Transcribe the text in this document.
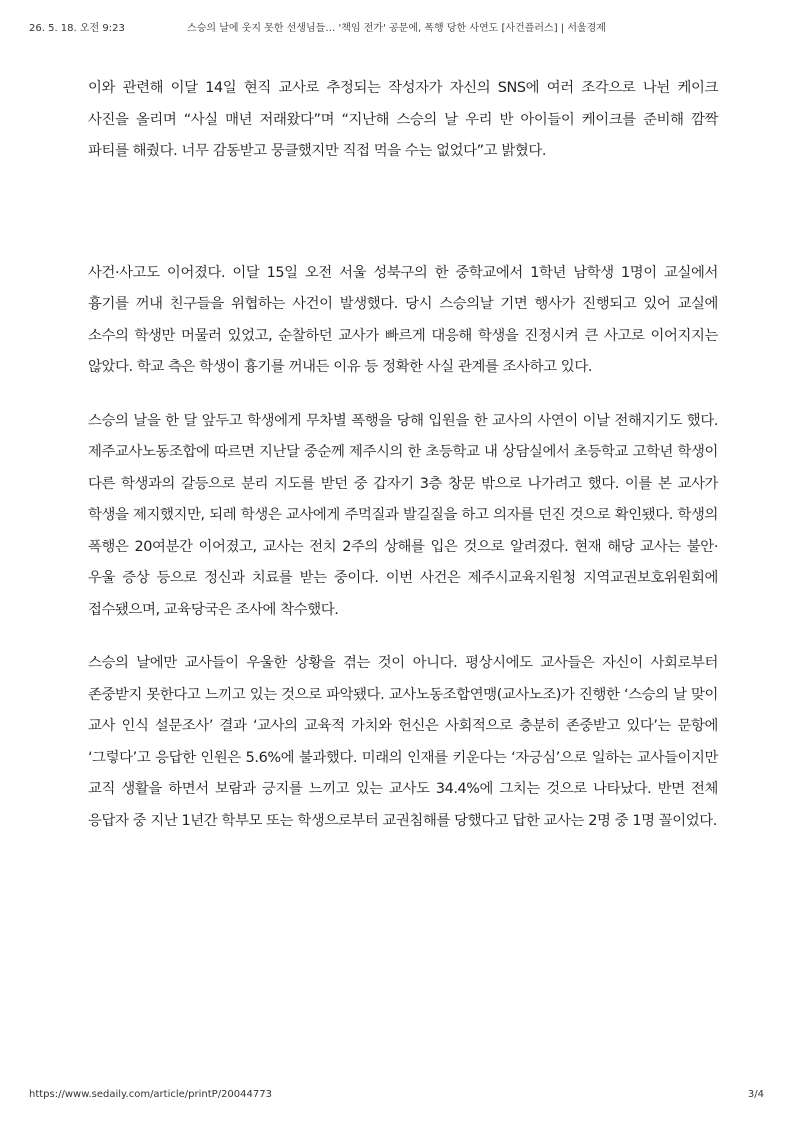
26. 5. 18. 오전 9:23	스승의 날에 웃지 못한 선생님들… '책임 전가' 공문에, 폭행 당한 사연도 [사건플러스] | 서울경제

이와 관련해 이달 14일 현직 교사로 추정되는 작성자가 자신의 SNS에 여러 조각으로 나뉜 케이크 사진을 올리며 “사실 매년 저래왔다”며 “지난해 스승의 날 우리 반 아이들이 케이크를 준비해 깜짝 파티를 해줬다. 너무 감동받고 뭉클했지만 직접 먹을 수는 없었다”고 밝혔다.

사건·사고도 이어졌다. 이달 15일 오전 서울 성북구의 한 중학교에서 1학년 남학생 1명이 교실에서 흉기를 꺼내 친구들을 위협하는 사건이 발생했다. 당시 스승의날 기면 행사가 진행되고 있어 교실에 소수의 학생만 머물러 있었고, 순찰하던 교사가 빠르게 대응해 학생을 진정시켜 큰 사고로 이어지지는 않았다. 학교 측은 학생이 흉기를 꺼내든 이유 등 정확한 사실 관계를 조사하고 있다.

스승의 날을 한 달 앞두고 학생에게 무차별 폭행을 당해 입원을 한 교사의 사연이 이날 전해지기도 했다. 제주교사노동조합에 따르면 지난달 중순께 제주시의 한 초등학교 내 상담실에서 초등학교 고학년 학생이 다른 학생과의 갈등으로 분리 지도를 받던 중 갑자기 3층 창문 밖으로 나가려고 했다. 이를 본 교사가 학생을 제지했지만, 되레 학생은 교사에게 주먹질과 발길질을 하고 의자를 던진 것으로 확인됐다. 학생의 폭행은 20여분간 이어졌고, 교사는 전치 2주의 상해를 입은 것으로 알려졌다. 현재 해당 교사는 불안·우울 증상 등으로 정신과 치료를 받는 중이다. 이번 사건은 제주시교육지원청 지역교권보호위원회에 접수됐으며, 교육당국은 조사에 착수했다.

스승의 날에만 교사들이 우울한 상황을 겪는 것이 아니다. 평상시에도 교사들은 자신이 사회로부터 존중받지 못한다고 느끼고 있는 것으로 파악됐다. 교사노동조합연맹(교사노조)가 진행한 ‘스승의 날 맞이 교사 인식 설문조사’ 결과 ‘교사의 교육적 가치와 헌신은 사회적으로 충분히 존중받고 있다’는 문항에 ‘그렇다’고 응답한 인원은 5.6%에 불과했다. 미래의 인재를 키운다는 ‘자긍심’으로 일하는 교사들이지만 교직 생활을 하면서 보람과 긍지를 느끼고 있는 교사도 34.4%에 그치는 것으로 나타났다. 반면 전체 응답자 중 지난 1년간 학부모 또는 학생으로부터 교권침해를 당했다고 답한 교사는 2명 중 1명 꼴이었다.

https://www.sedaily.com/article/printP/20044773	3/4
